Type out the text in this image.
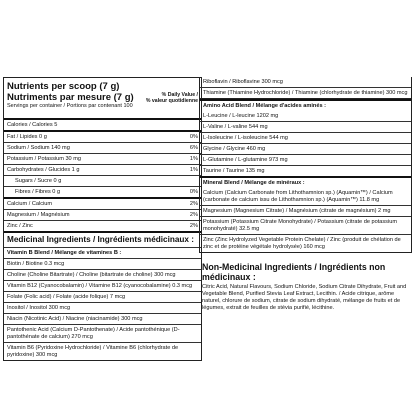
Nutrients per scoop (7 g)
Nutriments par mesure (7 g)
Servings per container / Portions par contenant 100
% Daily Value /
% valeur quotidienne
Calories / Calories 5
Fat / Lipides 0 g	0%
Sodium / Sodium 140 mg	6%
Potassium / Potassium 30 mg	1%
Carbohydrates / Glucides 1 g	1%
Sugars / Sucre 0 g
Fibres / Fibres 0 g	0%
Calcium / Calcium	2%
Magnesium / Magnésium	2%
Zinc / Zinc	2%
Medicinal Ingredients / Ingrédients médicinaux :
Vitamin B Blend / Mélange de vitamines B :
Biotin / Biotine 0.3 mcg
Choline (Choline Bitartrate) / Choline (bitartrate de choline) 300 mcg
Vitamin B12 (Cyanocobalamin) / Vitamine B12 (cyanocobalamine) 0.3 mcg
Folate (Folic acid) / Folate (acide folique) 7 mcg
Inositol / Inositol 300 mcg
Niacin (Nicotinic Acid) / Niacine (niacinamide) 300 mcg
Pantothenic Acid (Calcium D-Pantothenate) / Acide pantothénique (D-pantothénate de calcium) 270 mcg
Vitamin B6 (Pyridoxine Hydrochloride) / Vitamine B6 (chlorhydrate de pyridoxine) 300 mcg
Riboflavin / Riboflavine 300 mcg
Thiamine (Thiamine Hydrochloride) / Thiamine (chlorhydrate de thiamine) 300 mcg
Amino Acid Blend / Mélange d'acides aminés :
L-Leucine / L-leucine 1202 mg
L-Valine / L-valine 544 mg
L-Isoleucine / L-isoleucine 544 mg
Glycine / Glycine 460 mg
L-Glutamine / L-glutamine 973 mg
Taurine / Taurine 135 mg
Mineral Blend / Mélange de minéraux :
Calcium (Calcium Carbonate from Lithothamnion sp.) (Aquamin™) / Calcium (carbonate de calcium issu de Lithothamnion sp.) (Aquamin™) 11.8 mg
Magnesium (Magnesium Citrate) / Magnésium (citrate de magnésium) 2 mg
Potassium (Potassium Citrate Monohydrate) / Potassium (citrate de potassium monohydraté) 32.5 mg
Zinc (Zinc Hydrolyzed Vegetable Protein Chelate) / Zinc (produit de chélation de zinc et de protéine végétale hydrolysée) 160 mcg
Non-Medicinal Ingredients / Ingrédients non médicinaux :
Citric Acid, Natural Flavours, Sodium Chloride, Sodium Citrate Dihydrate, Fruit and Vegetable Blend, Purified Stevia Leaf Extract, Lecithin. / Acide citrique, arôme naturel, chlorure de sodium, citrate de sodium dihydraté, mélange de fruits et de légumes, extrait de feuilles de stévia purifié, lécithine.
